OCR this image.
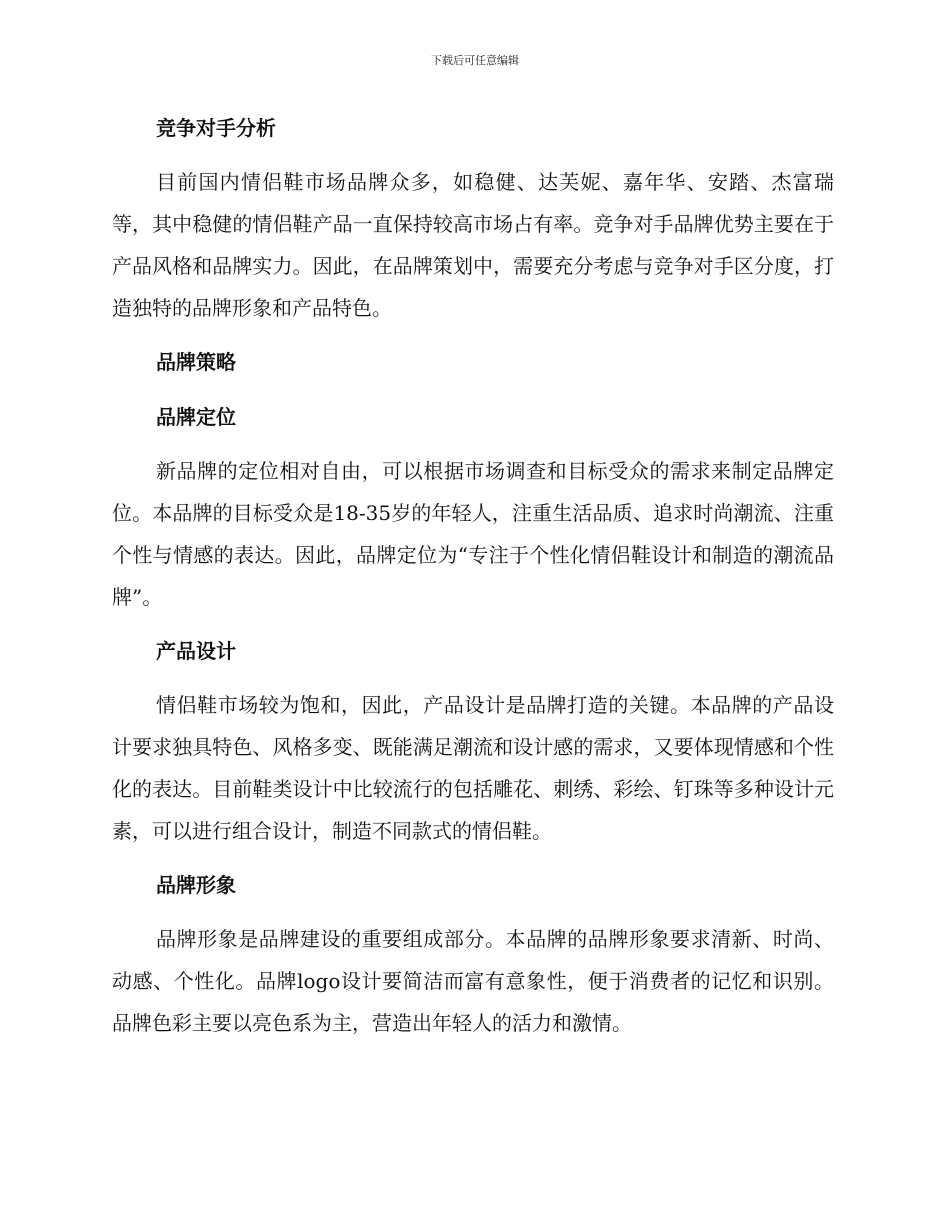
下载后可任意编辑
竞争对手分析

目前国内情侣鞋市场品牌众多，如稳健、达芙妮、嘉年华、安踏、杰富瑞等，其中稳健的情侣鞋产品一直保持较高市场占有率。竞争对手品牌优势主要在于产品风格和品牌实力。因此，在品牌策划中，需要充分考虑与竞争对手区分度，打造独特的品牌形象和产品特色。

品牌策略
品牌定位

新品牌的定位相对自由，可以根据市场调查和目标受众的需求来制定品牌定位。本品牌的目标受众是18-35岁的年轻人，注重生活品质、追求时尚潮流、注重个性与情感的表达。因此，品牌定位为“专注于个性化情侣鞋设计和制造的潮流品牌”。

产品设计

情侣鞋市场较为饱和，因此，产品设计是品牌打造的关键。本品牌的产品设计要求独具特色、风格多变、既能满足潮流和设计感的需求，又要体现情感和个性化的表达。目前鞋类设计中比较流行的包括雕花、刺绣、彩绘、钉珠等多种设计元素，可以进行组合设计，制造不同款式的情侣鞋。

品牌形象

品牌形象是品牌建设的重要组成部分。本品牌的品牌形象要求清新、时尚、动感、个性化。品牌logo设计要简洁而富有意象性，便于消费者的记忆和识别。品牌色彩主要以亮色系为主，营造出年轻人的活力和激情。
